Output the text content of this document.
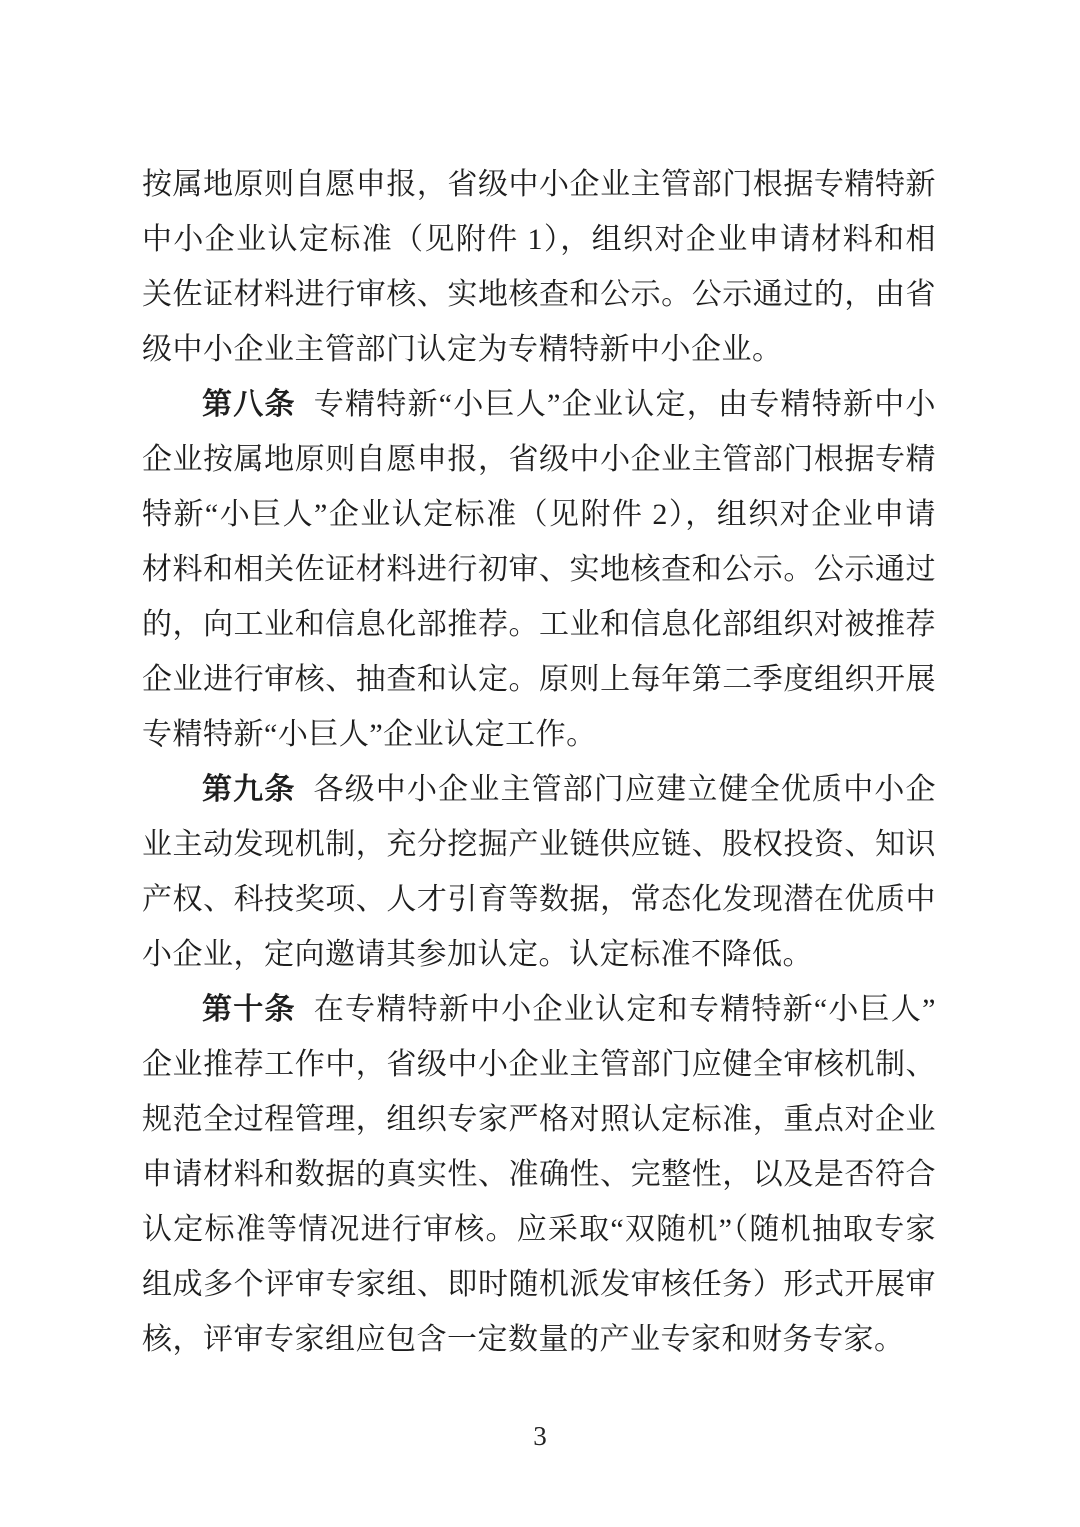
按属地原则自愿申报，省级中小企业主管部门根据专精特新中小企业认定标准（见附件 1），组织对企业申请材料和相关佐证材料进行审核、实地核查和公示。公示通过的，由省级中小企业主管部门认定为专精特新中小企业。

第八条 专精特新“小巨人”企业认定，由专精特新中小企业按属地原则自愿申报，省级中小企业主管部门根据专精特新“小巨人”企业认定标准（见附件 2），组织对企业申请材料和相关佐证材料进行初审、实地核查和公示。公示通过的，向工业和信息化部推荐。工业和信息化部组织对被推荐企业进行审核、抽查和认定。原则上每年第二季度组织开展专精特新“小巨人”企业认定工作。

第九条 各级中小企业主管部门应建立健全优质中小企业主动发现机制，充分挖掘产业链供应链、股权投资、知识产权、科技奖项、人才引育等数据，常态化发现潜在优质中小企业，定向邀请其参加认定。认定标准不降低。

第十条 在专精特新中小企业认定和专精特新“小巨人”企业推荐工作中，省级中小企业主管部门应健全审核机制、规范全过程管理，组织专家严格对照认定标准，重点对企业申请材料和数据的真实性、准确性、完整性，以及是否符合认定标准等情况进行审核。应采取“双随机”（随机抽取专家组成多个评审专家组、即时随机派发审核任务）形式开展审核，评审专家组应包含一定数量的产业专家和财务专家。

3
